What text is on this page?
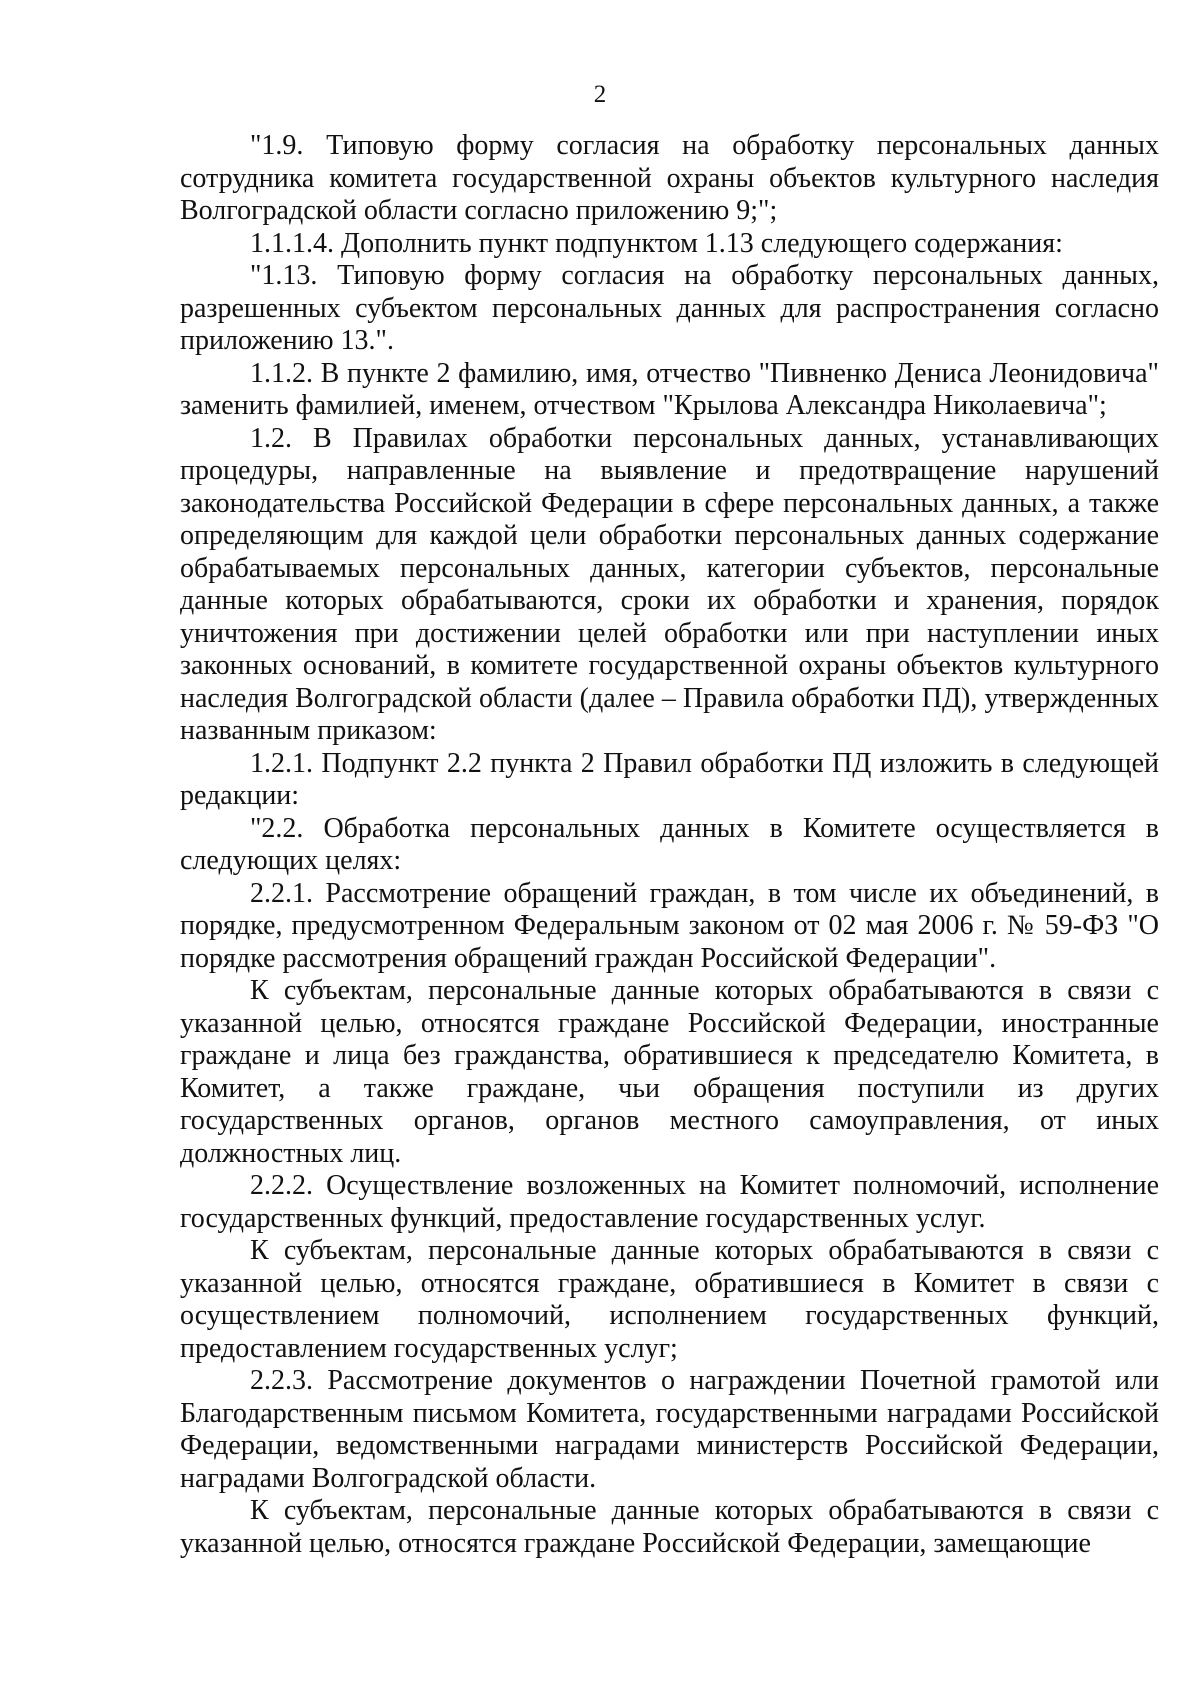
2

"1.9. Типовую форму согласия на обработку персональных данных сотрудника комитета государственной охраны объектов культурного наследия Волгоградской области согласно приложению 9;";

1.1.1.4. Дополнить пункт подпунктом 1.13 следующего содержания:

"1.13. Типовую форму согласия на обработку персональных данных, разрешенных субъектом персональных данных для распространения согласно приложению 13.".

1.1.2. В пункте 2 фамилию, имя, отчество "Пивненко Дениса Леонидовича" заменить фамилией, именем, отчеством "Крылова Александра Николаевича";

1.2. В Правилах обработки персональных данных, устанавливающих процедуры, направленные на выявление и предотвращение нарушений законодательства Российской Федерации в сфере персональных данных, а также определяющим для каждой цели обработки персональных данных содержание обрабатываемых персональных данных, категории субъектов, персональные данные которых обрабатываются, сроки их обработки и хранения, порядок уничтожения при достижении целей обработки или при наступлении иных законных оснований, в комитете государственной охраны объектов культурного наследия Волгоградской области (далее – Правила обработки ПД), утвержденных названным приказом:

1.2.1. Подпункт 2.2 пункта 2 Правил обработки ПД изложить в следующей редакции:

"2.2. Обработка персональных данных в Комитете осуществляется в следующих целях:

2.2.1. Рассмотрение обращений граждан, в том числе их объединений, в порядке, предусмотренном Федеральным законом от 02 мая 2006 г. № 59-ФЗ "О порядке рассмотрения обращений граждан Российской Федерации".

К субъектам, персональные данные которых обрабатываются в связи с указанной целью, относятся граждане Российской Федерации, иностранные граждане и лица без гражданства, обратившиеся к председателю Комитета, в Комитет, а также граждане, чьи обращения поступили из других государственных органов, органов местного самоуправления, от иных должностных лиц.

2.2.2. Осуществление возложенных на Комитет полномочий, исполнение государственных функций, предоставление государственных услуг.

К субъектам, персональные данные которых обрабатываются в связи с указанной целью, относятся граждане, обратившиеся в Комитет в связи с осуществлением полномочий, исполнением государственных функций, предоставлением государственных услуг;

2.2.3. Рассмотрение документов о награждении Почетной грамотой или Благодарственным письмом Комитета, государственными наградами Российской Федерации, ведомственными наградами министерств Российской Федерации, наградами Волгоградской области.

К субъектам, персональные данные которых обрабатываются в связи с указанной целью, относятся граждане Российской Федерации, замещающие
